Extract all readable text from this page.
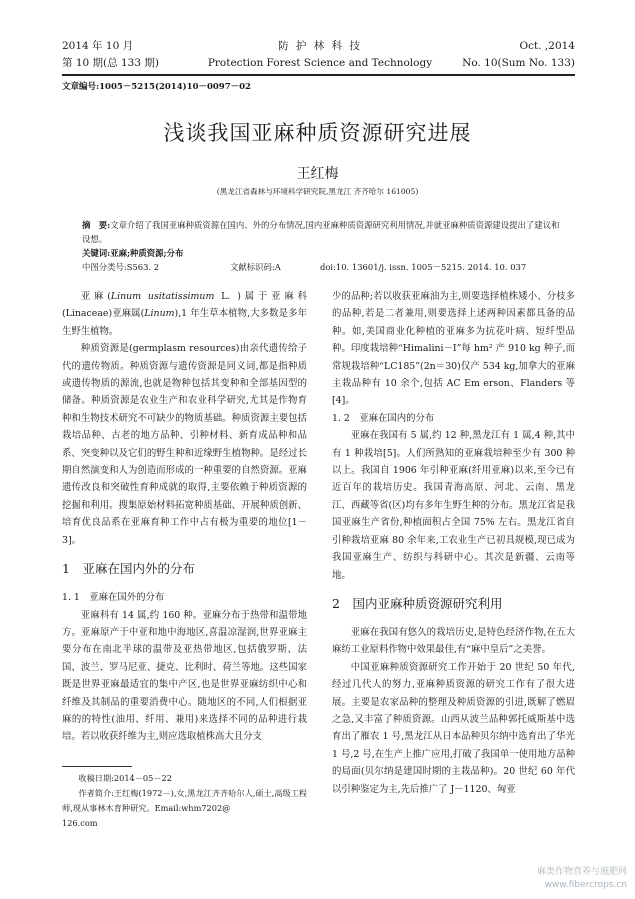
2014 年 10 月
第 10 期(总 133 期)
防 护 林 科 技
Protection Forest Science and Technology
Oct. ,2014
No. 10(Sum No. 133)
文章编号:1005－5215(2014)10－0097－02
浅谈我国亚麻种质资源研究进展
王红梅
(黑龙江省森林与环境科学研究院,黑龙江 齐齐哈尔 161005)
摘　要:文章介绍了我国亚麻种质资源在国内、外的分布情况,国内亚麻种质资源研究利用情况,并就亚麻种质资源建设提出了建议和设想。
关键词:亚麻;种质资源;分布
中图分类号:S563. 2	文献标识码:A	doi:10. 13601/j. issn. 1005－5215. 2014. 10. 037

亚麻(Linum usitatissimum L. )属于亚麻科(Linaceae)亚麻属(Linum),1 年生草本植物,大多数是多年生野生植物。

种质资源是(germplasm resources)由亲代遗传给子代的遗传物质。种质资源与遗传资源是同义词,都是指种质或遗传物质的源流,也就是物种包括其变种和全部基因型的储备。种质资源是农业生产和农业科学研究,尤其是作物育种和生物技术研究不可缺少的物质基础。种质资源主要包括栽培品种、古老的地方品种、引种材料、新育成品种和品系、突变种以及它们的野生种和近缘野生植物种。是经过长期自然演变和人为创造而形成的一种重要的自然资源。亚麻遗传改良和突破性育种成就的取得,主要依赖于种质资源的挖掘和利用。搜集原始材料拓宽种质基础、开展种质创新、培育优良品系在亚麻育种工作中占有极为重要的地位[1－3]。

1　亚麻在国内外的分布
1. 1　亚麻在国外的分布

亚麻科有 14 属,约 160 种。亚麻分布于热带和温带地方。亚麻原产于中亚和地中海地区,喜温凉湿润,世界亚麻主要分布在南北半球的温带及亚热带地区,包括俄罗斯、法国、波兰、罗马尼亚、捷克、比利时、荷兰等地。这些国家既是世界亚麻最适宜的集中产区,也是世界亚麻纺织中心和纤维及其制品的重要消费中心。随地区的不同,人们根据亚麻的的特性(油用、纤用、兼用)来选择不同的品种进行栽培。若以收获纤维为主,则应选取植株高大且分支

少的品种;若以收获亚麻油为主,则要选择植株矮小、分枝多的品种,若是二者兼用,则要选择上述两种因素都具备的品种。如,美国商业化种植的亚麻多为抗花叶病、短纤型品种。印度栽培种“Himalini－I”每 hm² 产 910 kg 种子,而常规栽培种“LC185”(2n＝30)仅产 534 kg,加拿大的亚麻主栽品种有 10 余个,包括 AC Em erson、Flanders 等[4]。

1. 2　亚麻在国内的分布

亚麻在我国有 5 属,约 12 种,黑龙江有 1 属,4 种,其中有 1 种栽培[5]。人们所熟知的亚麻栽培种至少有 300 种以上。我国自 1906 年引种亚麻(纤用亚麻)以来,至今已有近百年的栽培历史。我国青海高原、河北、云南、黑龙江、西藏等省(区)均有多年生野生种的分布。黑龙江省是我国亚麻生产省份,种植面积占全国 75% 左右。黑龙江省自引种栽培亚麻 80 余年来,工农业生产已初具规模,现已成为我国亚麻生产、纺织与科研中心。其次是新疆、云南等地。

2　国内亚麻种质资源研究利用

亚麻在我国有悠久的栽培历史,是特色经济作物,在五大麻纺工业原料作物中效果最佳,有“麻中皇后”之美誉。

中国亚麻种质资源研究工作开始于 20 世纪 50 年代,经过几代人的努力,亚麻种质资源的研究工作有了很大进展。主要是农家品种的整理及种质资源的引进,既解了燃眉之急,又丰富了种质资源。山西从波兰品种郭托威斯基中选育出了雁农 1 号,黑龙江从日本品种贝尔纳中选育出了华光 1 号,2 号,在生产上推广应用,打破了我国单一使用地方品种的局面(贝尔纳是建国时期的主栽品种)。20 世纪 60 年代以引种鉴定为主,先后推广了 J－1120、匈亚

收稿日期:2014－05－22
作者简介:王红梅(1972－),女,黑龙江齐齐哈尔人,硕士,高级工程师,现从事林木育种研究。Email:whm7202@
126.com
麻类作物营养与施肥网
www.fibercrops.cn
